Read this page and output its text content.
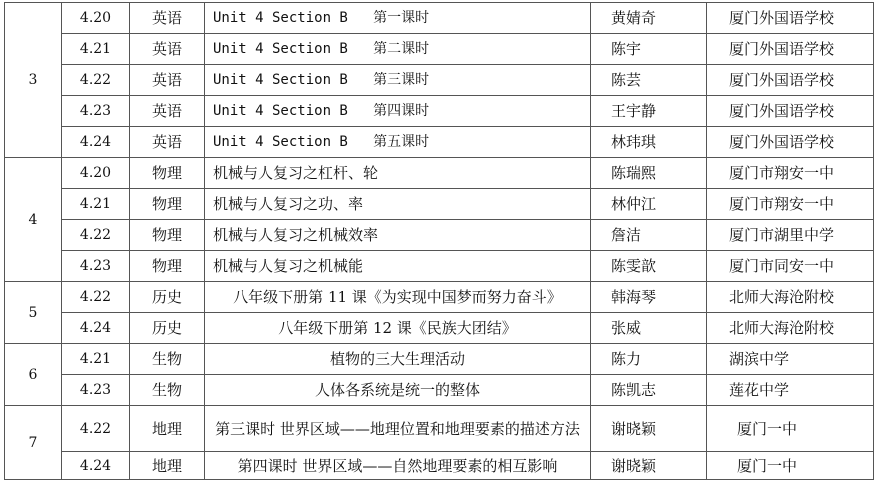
3	4.20	英语	Unit 4 Section B   第一课时	黄婧奇	厦门外国语学校
	4.21	英语	Unit 4 Section B   第二课时	陈宇	厦门外国语学校
	4.22	英语	Unit 4 Section B   第三课时	陈芸	厦门外国语学校
	4.23	英语	Unit 4 Section B   第四课时	王宇静	厦门外国语学校
	4.24	英语	Unit 4 Section B   第五课时	林玮琪	厦门外国语学校
4	4.20	物理	机械与人复习之杠杆、轮	陈瑞熙	厦门市翔安一中
	4.21	物理	机械与人复习之功、率	林仲江	厦门市翔安一中
	4.22	物理	机械与人复习之机械效率	詹洁	厦门市湖里中学
	4.23	物理	机械与人复习之机械能	陈雯歆	厦门市同安一中
5	4.22	历史	八年级下册第 11 课《为实现中国梦而努力奋斗》	韩海琴	北师大海沧附校
	4.24	历史	八年级下册第 12 课《民族大团结》	张威	北师大海沧附校
6	4.21	生物	植物的三大生理活动	陈力	湖滨中学
	4.23	生物	人体各系统是统一的整体	陈凯志	莲花中学
7	4.22	地理	第三课时 世界区域——地理位置和地理要素的描述方法	谢晓颖	厦门一中
	4.24	地理	第四课时 世界区域——自然地理要素的相互影响	谢晓颖	厦门一中
